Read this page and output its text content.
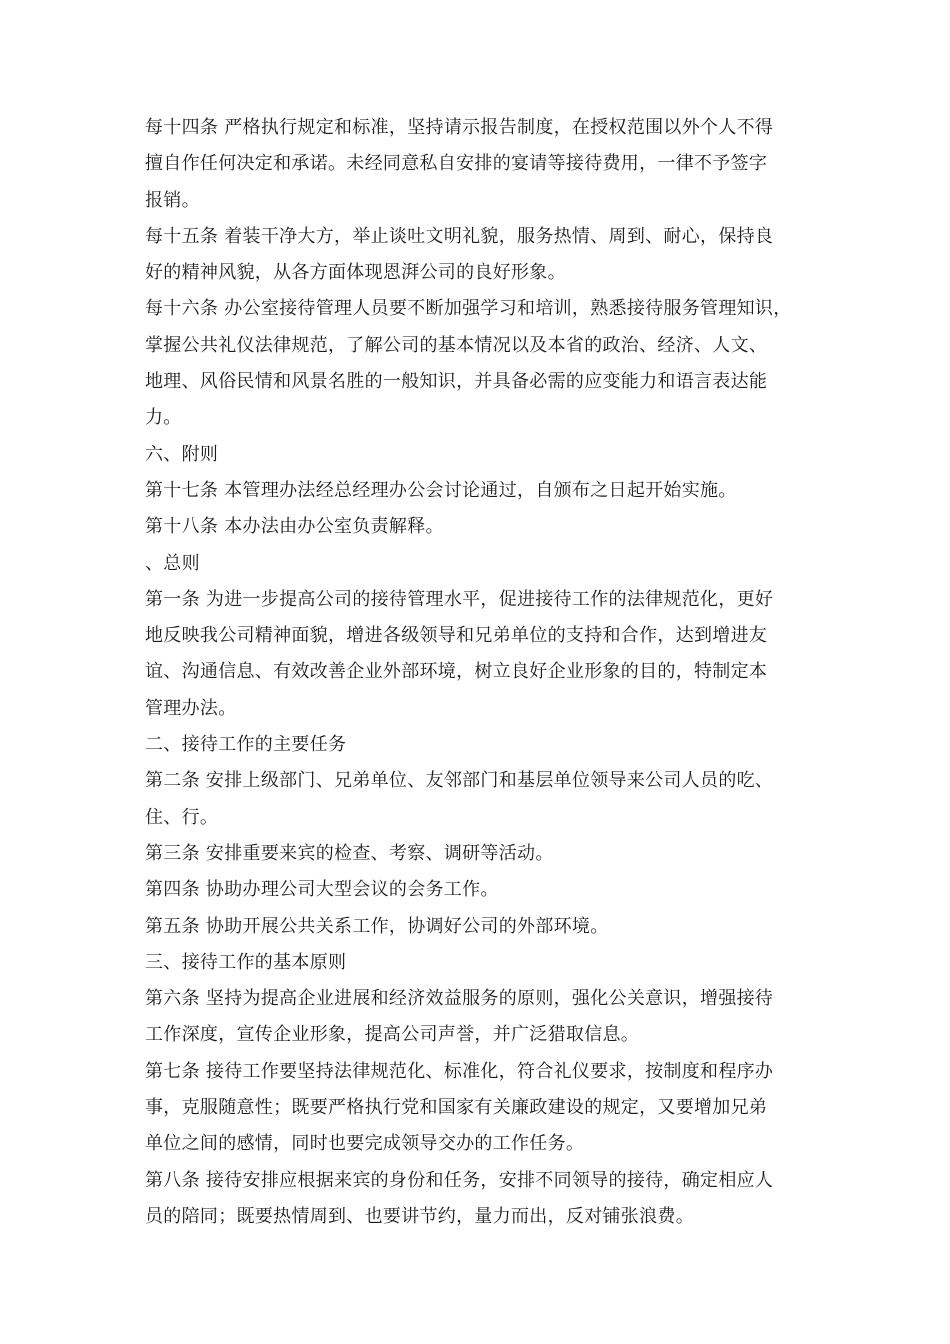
每十四条 严格执行规定和标准，坚持请示报告制度，在授权范围以外个人不得
擅自作任何决定和承诺。未经同意私自安排的宴请等接待费用，一律不予签字
报销。
每十五条 着装干净大方，举止谈吐文明礼貌，服务热情、周到、耐心，保持良
好的精神风貌，从各方面体现恩湃公司的良好形象。
每十六条 办公室接待管理人员要不断加强学习和培训，熟悉接待服务管理知识，
掌握公共礼仪法律规范，了解公司的基本情况以及本省的政治、经济、人文、
地理、风俗民情和风景名胜的一般知识，并具备必需的应变能力和语言表达能
力。
六、附则
第十七条 本管理办法经总经理办公会讨论通过，自颁布之日起开始实施。
第十八条 本办法由办公室负责解释。
、总则
第一条 为进一步提高公司的接待管理水平，促进接待工作的法律规范化，更好
地反映我公司精神面貌，增进各级领导和兄弟单位的支持和合作，达到增进友
谊、沟通信息、有效改善企业外部环境，树立良好企业形象的目的，特制定本
管理办法。
二、接待工作的主要任务
第二条 安排上级部门、兄弟单位、友邻部门和基层单位领导来公司人员的吃、
住、行。
第三条 安排重要来宾的检查、考察、调研等活动。
第四条 协助办理公司大型会议的会务工作。
第五条 协助开展公共关系工作，协调好公司的外部环境。
三、接待工作的基本原则
第六条 坚持为提高企业进展和经济效益服务的原则，强化公关意识，增强接待
工作深度，宣传企业形象，提高公司声誉，并广泛猎取信息。
第七条 接待工作要坚持法律规范化、标准化，符合礼仪要求，按制度和程序办
事，克服随意性；既要严格执行党和国家有关廉政建设的规定，又要增加兄弟
单位之间的感情，同时也要完成领导交办的工作任务。
第八条 接待安排应根据来宾的身份和任务，安排不同领导的接待，确定相应人
员的陪同；既要热情周到、也要讲节约，量力而出，反对铺张浪费。
